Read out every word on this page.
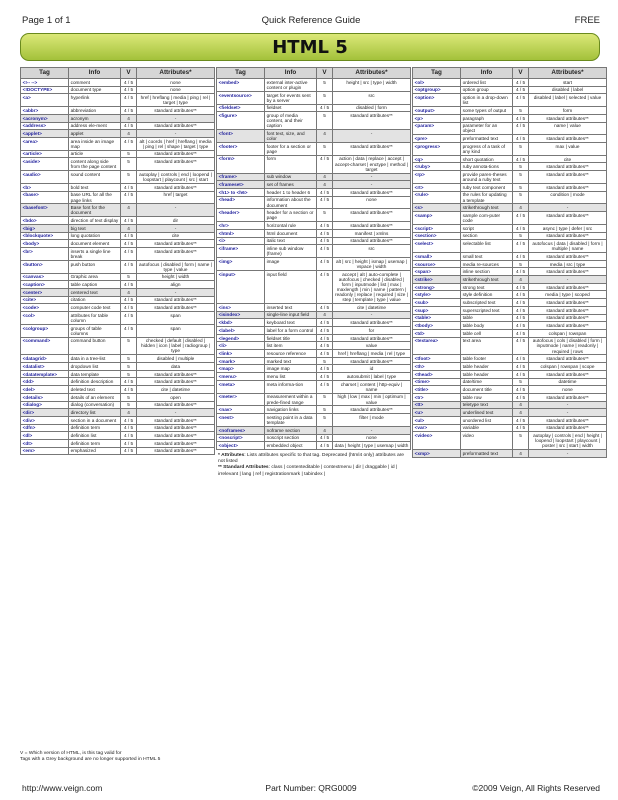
Page 1 of 1	Quick Reference Guide	FREE
HTML 5
Tag	Info	V	Attributes*
<!-- -->	comment	4 / 5	none
<!DOCTYPE>	document type	4 / 5	none
<a>	hyperlink	4 / 5	href | hreflang | media | ping | rel | target | type
<abbr>	abbreviation	4 / 5	standard attributes**
<acronym>	acronym	4	-
<address>	address ele-ment	4 / 5	standard attributes**
<applet>	applet	4	-
<area>	area inside an image map	4 / 5	alt | coords | href | hreflang | media | ping | rel | shape | target | type
<article>	article	5	standard attributes**
<aside>	content along side from the page content	5	standard attributes**
<audio>	sound content	5	autoplay | controls | end | loopend | loopstart | playcount | src | start
<b>	bold text	4 / 5	standard attributes**
<base>	base URL for all the page links	4 / 5	href | target
<basefont>	Base font for the document	4	-
<bdo>	direction of text display	4 / 5	dir
<big>	big text	4	-
<blockquote>	long quotation	4 / 5	cite
<body>	document element	4 / 5	standard attributes**
<br>	inserts a single line break	4 / 5	standard attributes**
<button>	push button	4 / 5	autofocus | disabled | form | name | type | value
<canvas>	Graphic area	5	height | width
<caption>	table caption	4 / 5	align
<center>	centered text	4	-
<cite>	citation	4 / 5	standard attributes**
<code>	computer code text	4 / 5	standard attributes**
<col>	attributes for table column	4 / 5	span
<colgroup>	groups of table columns	4 / 5	span
<command>	command button	5	checked | default | disabled | hidden | icon | label | radiogroup | type
<datagrid>	data in a tree-list	5	disabled | multiple
<datalist>	dropdown list	5	data
<datatemplate>	data template	5	standard attributes**
<dd>	definition description	4 / 5	standard attributes**
<del>	deleted text	4 / 5	cite | datetime
<details>	details of an element	5	open
<dialog>	dialog (conversation)	5	standard attributes**
<dir>	directory list	4	-
<div>	section in a document	4 / 5	standard attributes**
<dfn>	definition term	4 / 5	standard attributes**
<dl>	definition list	4 / 5	standard attributes**
<dt>	definition term	4 / 5	standard attributes**
<em>	emphasized	4 / 5	standard attributes**
Tag	Info	V	Attributes*
<embed>	external inter-active content or plugin	5	height | src | type | width
<eventsource>	target for events sent by a server	5	src
<fieldset>	fieldset	4 / 5	disabled | form
<figure>	group of media content, and their caption	5	standard attributes**
<font>	font text, size, and color	4	-
<footer>	footer for a section or page	5	standard attributes**
<form>	form	4 / 5	action | data | replace | accept | accept-charset | enctype | method | target
<frame>	sub window	4	-
<frameset>	set of frames	4	-
<h1> to <h6>	header 1 to header 6	4 / 5	standard attributes**
<head>	information about the document	4 / 5	none
<header>	header for a section or page	5	standard attributes**
<hr>	horizontal rule	4 / 5	standard attributes**
<html>	html document	4 / 5	manifest | xmlns
<i>	italic text	4 / 5	standard attributes**
<iframe>	inline sub window (frame)	4 / 5	src
<img>	image	4 / 5	alt | src | height | ismap | usemap | vspace | width
<input>	input field	4 / 5	accept | alt | auto-complete | autofocus | checked | disabled | form | inputmode | list | max | maxlength | min | name | pattern | readonly | replace | required | size | step | template | type | value
<ins>	inserted text	4 / 5	cite | datetime
<isindex>	single-line input field	4	-
<kbd>	keyboard text	4 / 5	standard attributes**
<label>	label for a form control	4 / 5	for
<legend>	fieldset title	4 / 5	standard attributes**
<li>	list item	4 / 5	value
<link>	resource reference	4 / 5	href | hreflang | media | rel | type
<mark>	marked text	5	standard attributes**
<map>	image map	4 / 5	id
<menu>	menu list	4 / 5	autosubmit | label | type
<meta>	meta informa-tion	4 / 5	charset | content | http-equiv | name
<meter>	measurement within a prede-fined range	5	high | low | max | min | optimum | value
<nav>	navigation links	5	standard attributes**
<nest>	nesting point in a data template	5	filter | mode
<noframes>	noframe section	4	-
<noscript>	noscript section	4 / 5	none
<object>	embedded object	4 / 5	data | height | type | usemap | width
Tag	Info	V	Attributes*
<ol>	ordered list	4 / 5	start
<optgroup>	option group	4 / 5	disabled | label
<option>	option in a drop-down list	4 / 5	disabled | label | selected | value
<output>	some types of output	5	form
<p>	paragraph	4 / 5	standard attributes**
<param>	parameter for an object	4 / 5	name | value
<pre>	preformatted text	4 / 5	standard attributes**
<progress>	progress of a task of any kind	5	max | value
<q>	short quotation	4 / 5	cite
<ruby>	ruby annota-tions	5	standard attributes**
<rp>	provide paren-theses around a ruby text	5	standard attributes**
<rt>	ruby text component	5	standard attributes**
<rule>	the rules for updating a template	5	condition | mode
<s>	strikethrough text	4	-
<samp>	sample com-puter code	4 / 5	standard attributes**
<script>	script	4 / 5	async | type | defer | src
<section>	section	5	standard attributes**
<select>	selectable list	4 / 5	autofocus | data | disabled | form | multiple | name
<small>	small text	4 / 5	standard attributes**
<source>	media re-sources	5	media | src | type
<span>	inline section	4 / 5	standard attributes**
<strike>	strikethrough text	4	-
<strong>	strong text	4 / 5	standard attributes**
<style>	style definition	4 / 5	media | type | scoped
<sub>	subscripted text	4 / 5	standard attributes**
<sup>	superscripted text	4 / 5	standard attributes**
<table>	table	4 / 5	standard attributes**
<tbody>	table body	4 / 5	standard attributes**
<td>	table cell	4 / 5	colspan | rowspan
<textarea>	text area	4 / 5	autofocus | cols | disabled | form | inputmode | name | readonly | required | rows
<tfoot>	table footer	4 / 5	standard attributes**
<th>	table header	4 / 5	colspan | rowspan | scope
<thead>	table header	4 / 5	standard attributes**
<time>	date/time	5	datetime
<title>	document title	4 / 5	none
<tr>	table row	4 / 5	standard attributes**
<tt>	teletype text	4	-
<u>	underlined text	4	-
<ul>	unordered list	4 / 5	standard attributes**
<var>	variable	4 / 5	standard attributes**
<video>	video	5	autoplay | controls | end | height | loopend | loopstart | playcount | poster | src | start | width
<xmp>	preformatted text	4	-
V = Which version of HTML, is this tag valid for
Tags with a Grey background are no longer supported in HTML 5
* Attributes: Lists attributes specific to that tag. Deprecated (html4 only) attributes are not listed
** Standard Attributes: class | contenteditable | contextmenu | dir | draggable | id | irrelevant | lang | ref | registrationmark | tabindex |
http://www.veign.com	Part Number: QRG0009	©2009 Veign, All Rights Reserved
